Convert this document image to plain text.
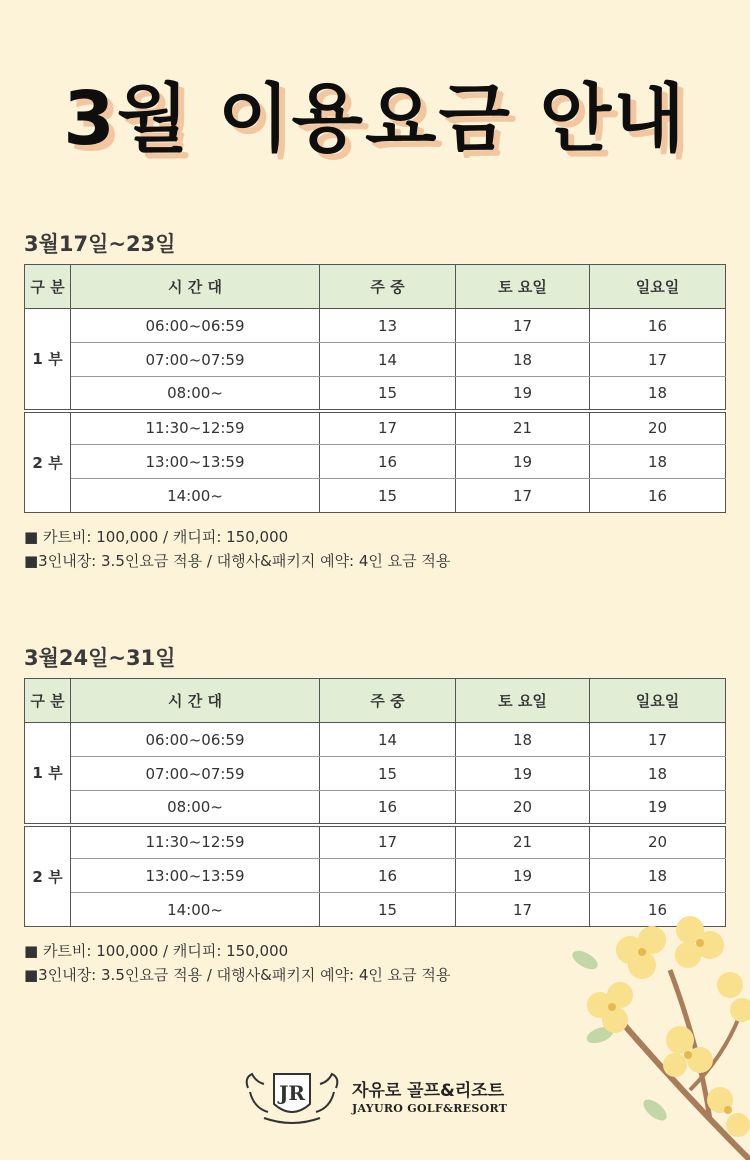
3월 이용요금 안내
3월17일~23일
구 분	시 간 대	주 중	토 요일	일요일
1 부	06:00~06:59	13	17	16
	07:00~07:59	14	18	17
	08:00~	15	19	18
2 부	11:30~12:59	17	21	20
	13:00~13:59	16	19	18
	14:00~	15	17	16
■ 카트비: 100,000 / 캐디피: 150,000
■3인내장: 3.5인요금 적용 / 대행사&패키지 예약: 4인 요금 적용
3월24일~31일
구 분	시 간 대	주 중	토 요일	일요일
1 부	06:00~06:59	14	18	17
	07:00~07:59	15	19	18
	08:00~	16	20	19
2 부	11:30~12:59	17	21	20
	13:00~13:59	16	19	18
	14:00~	15	17	16
■ 카트비: 100,000 / 캐디피: 150,000
■3인내장: 3.5인요금 적용 / 대행사&패키지 예약: 4인 요금 적용
JR	자유로 골프&리조트
JAYURO GOLF&RESORT
